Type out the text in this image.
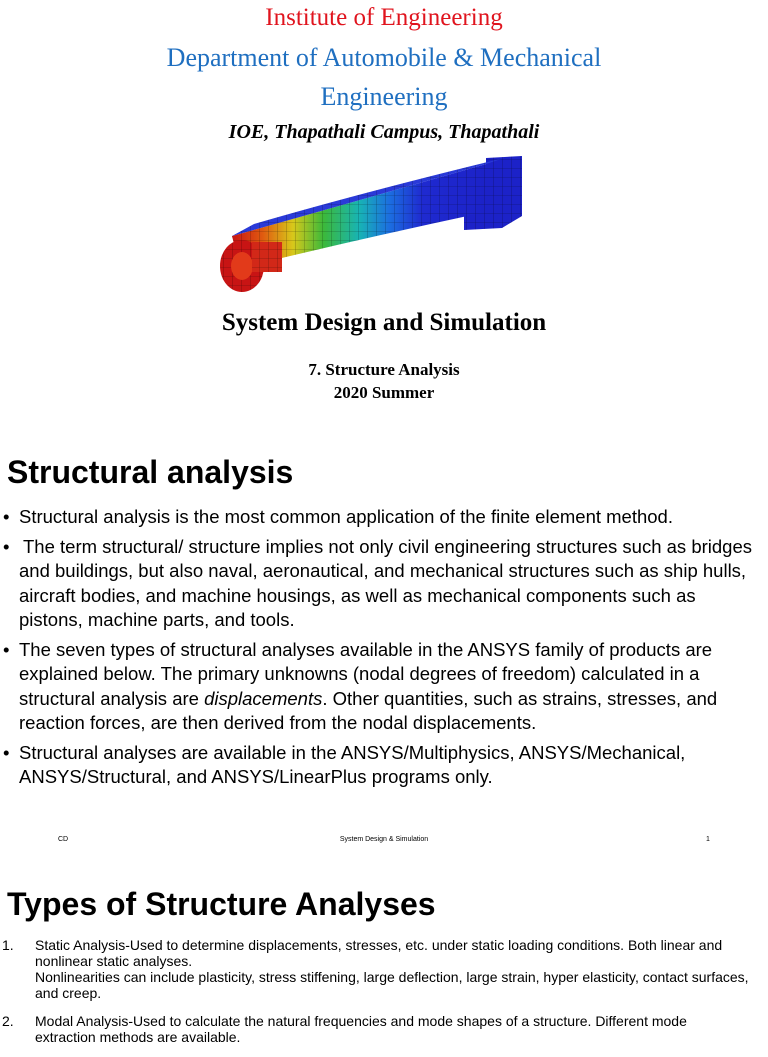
Institute of Engineering
Department of Automobile & Mechanical
Engineering
IOE, Thapathali Campus, Thapathali
System Design and Simulation
7. Structure Analysis
2020 Summer
Structural analysis
• Structural analysis is the most common application of the finite element method.
• The term structural/ structure implies not only civil engineering structures such as bridges and buildings, but also naval, aeronautical, and mechanical structures such as ship hulls, aircraft bodies, and machine housings, as well as mechanical components such as pistons, machine parts, and tools.
• The seven types of structural analyses available in the ANSYS family of products are explained below. The primary unknowns (nodal degrees of freedom) calculated in a structural analysis are displacements. Other quantities, such as strains, stresses, and reaction forces, are then derived from the nodal displacements.
• Structural analyses are available in the ANSYS/Multiphysics, ANSYS/Mechanical, ANSYS/Structural, and ANSYS/LinearPlus programs only.
CD	System Design & Simulation	1
Types of Structure Analyses
1. Static Analysis-Used to determine displacements, stresses, etc. under static loading conditions. Both linear and nonlinear static analyses.
Nonlinearities can include plasticity, stress stiffening, large deflection, large strain, hyper elasticity, contact surfaces, and creep.
2. Modal Analysis-Used to calculate the natural frequencies and mode shapes of a structure. Different mode extraction methods are available.
